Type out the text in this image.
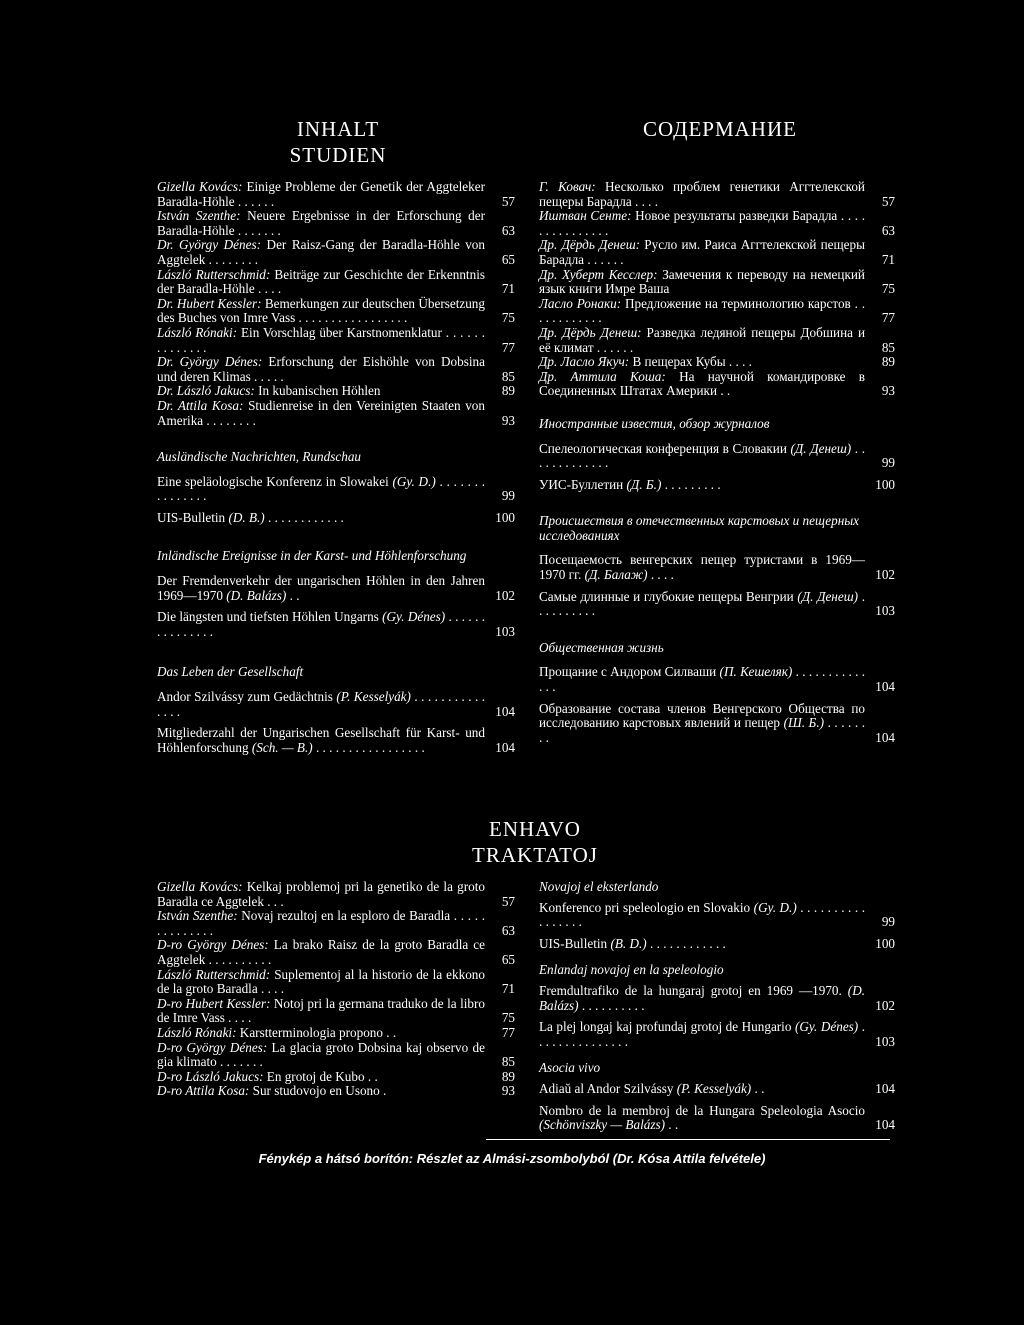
INHALT
STUDIEN
СОДЕРМАНИЕ
ENHAVO
TRAKTATOJ
Gizella Kovács: Einige Probleme der Genetik der Aggteleker Baradla-Höhle . . . . . .	57
István Szenthe: Neuere Ergebnisse in der Erforschung der Baradla-Höhle . . . . . . .	63
Dr. György Dénes: Der Raisz-Gang der Baradla-Höhle von Aggtelek . . . . . . . .	65
László Rutterschmid: Beiträge zur Geschichte der Erkenntnis der Baradla-Höhle . . . .	71
Dr. Hubert Kessler: Bemerkungen zur deutschen Übersetzung des Buches von Imre Vass . . . . . . . . . . . . . . . . .	75
László Rónaki: Ein Vorschlag über Karstnomenklatur . . . . . . . . . . . . . .	77
Dr. György Dénes: Erforschung der Eishöhle von Dobsina und deren Klimas . . . . .	85
Dr. László Jakucs: In kubanischen Höhlen	89
Dr. Attila Kosa: Studienreise in den Vereinigten Staaten von Amerika . . . . . . . .	93
Ausländische Nachrichten, Rundschau
Eine speläologische Konferenz in Slowakei (Gy. D.) . . . . . . . . . . . . . . .	99
UIS-Bulletin (D. B.) . . . . . . . . . . . .	100
Inländische Ereignisse in der Karst- und Höhlenforschung
Der Fremdenverkehr der ungarischen Höhlen in den Jahren 1969—1970 (D. Balázs) . .	102
Die längsten und tiefsten Höhlen Ungarns (Gy. Dénes) . . . . . . . . . . . . . . .	103
Das Leben der Gesellschaft
Andor Szilvássy zum Gedächtnis (P. Kesselyák) . . . . . . . . . . . . . . .	104
Mitgliederzahl der Ungarischen Gesellschaft für Karst- und Höhlenforschung (Sch. — B.) . . . . . . . . . . . . . . . . .	104
Г. Ковач: Несколько проблем генетики Аггтелекской пещеры Барадла . . . .	57
Иштван Сенте: Новое результаты разведки Барадла . . . . . . . . . . . . . . .	63
Др. Дёрдь Денеш: Русло им. Раиса Аггтелекской пещеры Барадла . . . . . .	71
Др. Хуберт Кесслер: Замечения к переводу на немецкий язык книги Имре Ваша	75
Ласло Ронаки: Предложение на терминологию карстов . . . . . . . . . . . .	77
Др. Дёрдь Денеш: Разведка ледяной пещеры Добшина и её климат . . . . . .	85
Др. Ласло Якуч: В пещерах Кубы . . . .	89
Др. Аттила Коша: На научной командировке в Соединенных Штатах Америки . .	93
Иностранные известия, обзор журналов
Спелеологическая конференция в Словакии (Д. Денеш) . . . . . . . . . . . . .	99
УИС-Буллетин (Д. Б.) . . . . . . . . .	100
Происшествия в отечественных карстовых и пещерных исследованиях
Посещаемость венгерских пещер туристами в 1969—1970 гг. (Д. Балаж) . . . .	102
Самые длинные и глубокие пещеры Венгрии (Д. Денеш) . . . . . . . . . .	103
Общественная жизнь
Прощание с Андором Силваши (П. Кешеляк) . . . . . . . . . . . . . .	104
Образование состава членов Венгерского Общества по исследованию карстовых явлений и пещер (Ш. Б.) . . . . . . . .	104
Gizella Kovács: Kelkaj problemoj pri la genetiko de la groto Baradla ce Aggtelek . . .	57
István Szenthe: Novaj rezultoj en la esploro de Baradla . . . . . . . . . . . . . .	63
D-ro György Dénes: La brako Raisz de la groto Baradla ce Aggtelek . . . . . . . . . .	65
László Rutterschmid: Suplementoj al la historio de la ekkono de la groto Baradla . . . .	71
D-ro Hubert Kessler: Notoj pri la germana traduko de la libro de Imre Vass . . . .	75
László Rónaki: Karstterminologia propono . .	77
D-ro György Dénes: La glacia groto Dobsina kaj observo de gia klimato . . . . . . .	85
D-ro László Jakucs: En grotoj de Kubo . .	89
D-ro Attila Kosa: Sur studovojo en Usono .	93
Novajoj el eksterlando
Konferenco pri speleologio en Slovakio (Gy. D.) . . . . . . . . . . . . . . . . .	99
UIS-Bulletin (B. D.) . . . . . . . . . . . .	100
Enlandaj novajoj en la speleologio
Fremdultrafiko de la hungaraj grotoj en 1969 —1970. (D. Balázs) . . . . . . . . . .	102
La plej longaj kaj profundaj grotoj de Hungario (Gy. Dénes) . . . . . . . . . . . . . . .	103
Asocia vivo
Adiaŭ al Andor Szilvássy (P. Kesselyák) . .	104
Nombro de la membroj de la Hungara Speleologia Asocio (Schönviszky — Balázs) . .	104
Fénykép a hátsó borítón: Részlet az Almási-zsombolyból (Dr. Kósa Attila felvétele)
